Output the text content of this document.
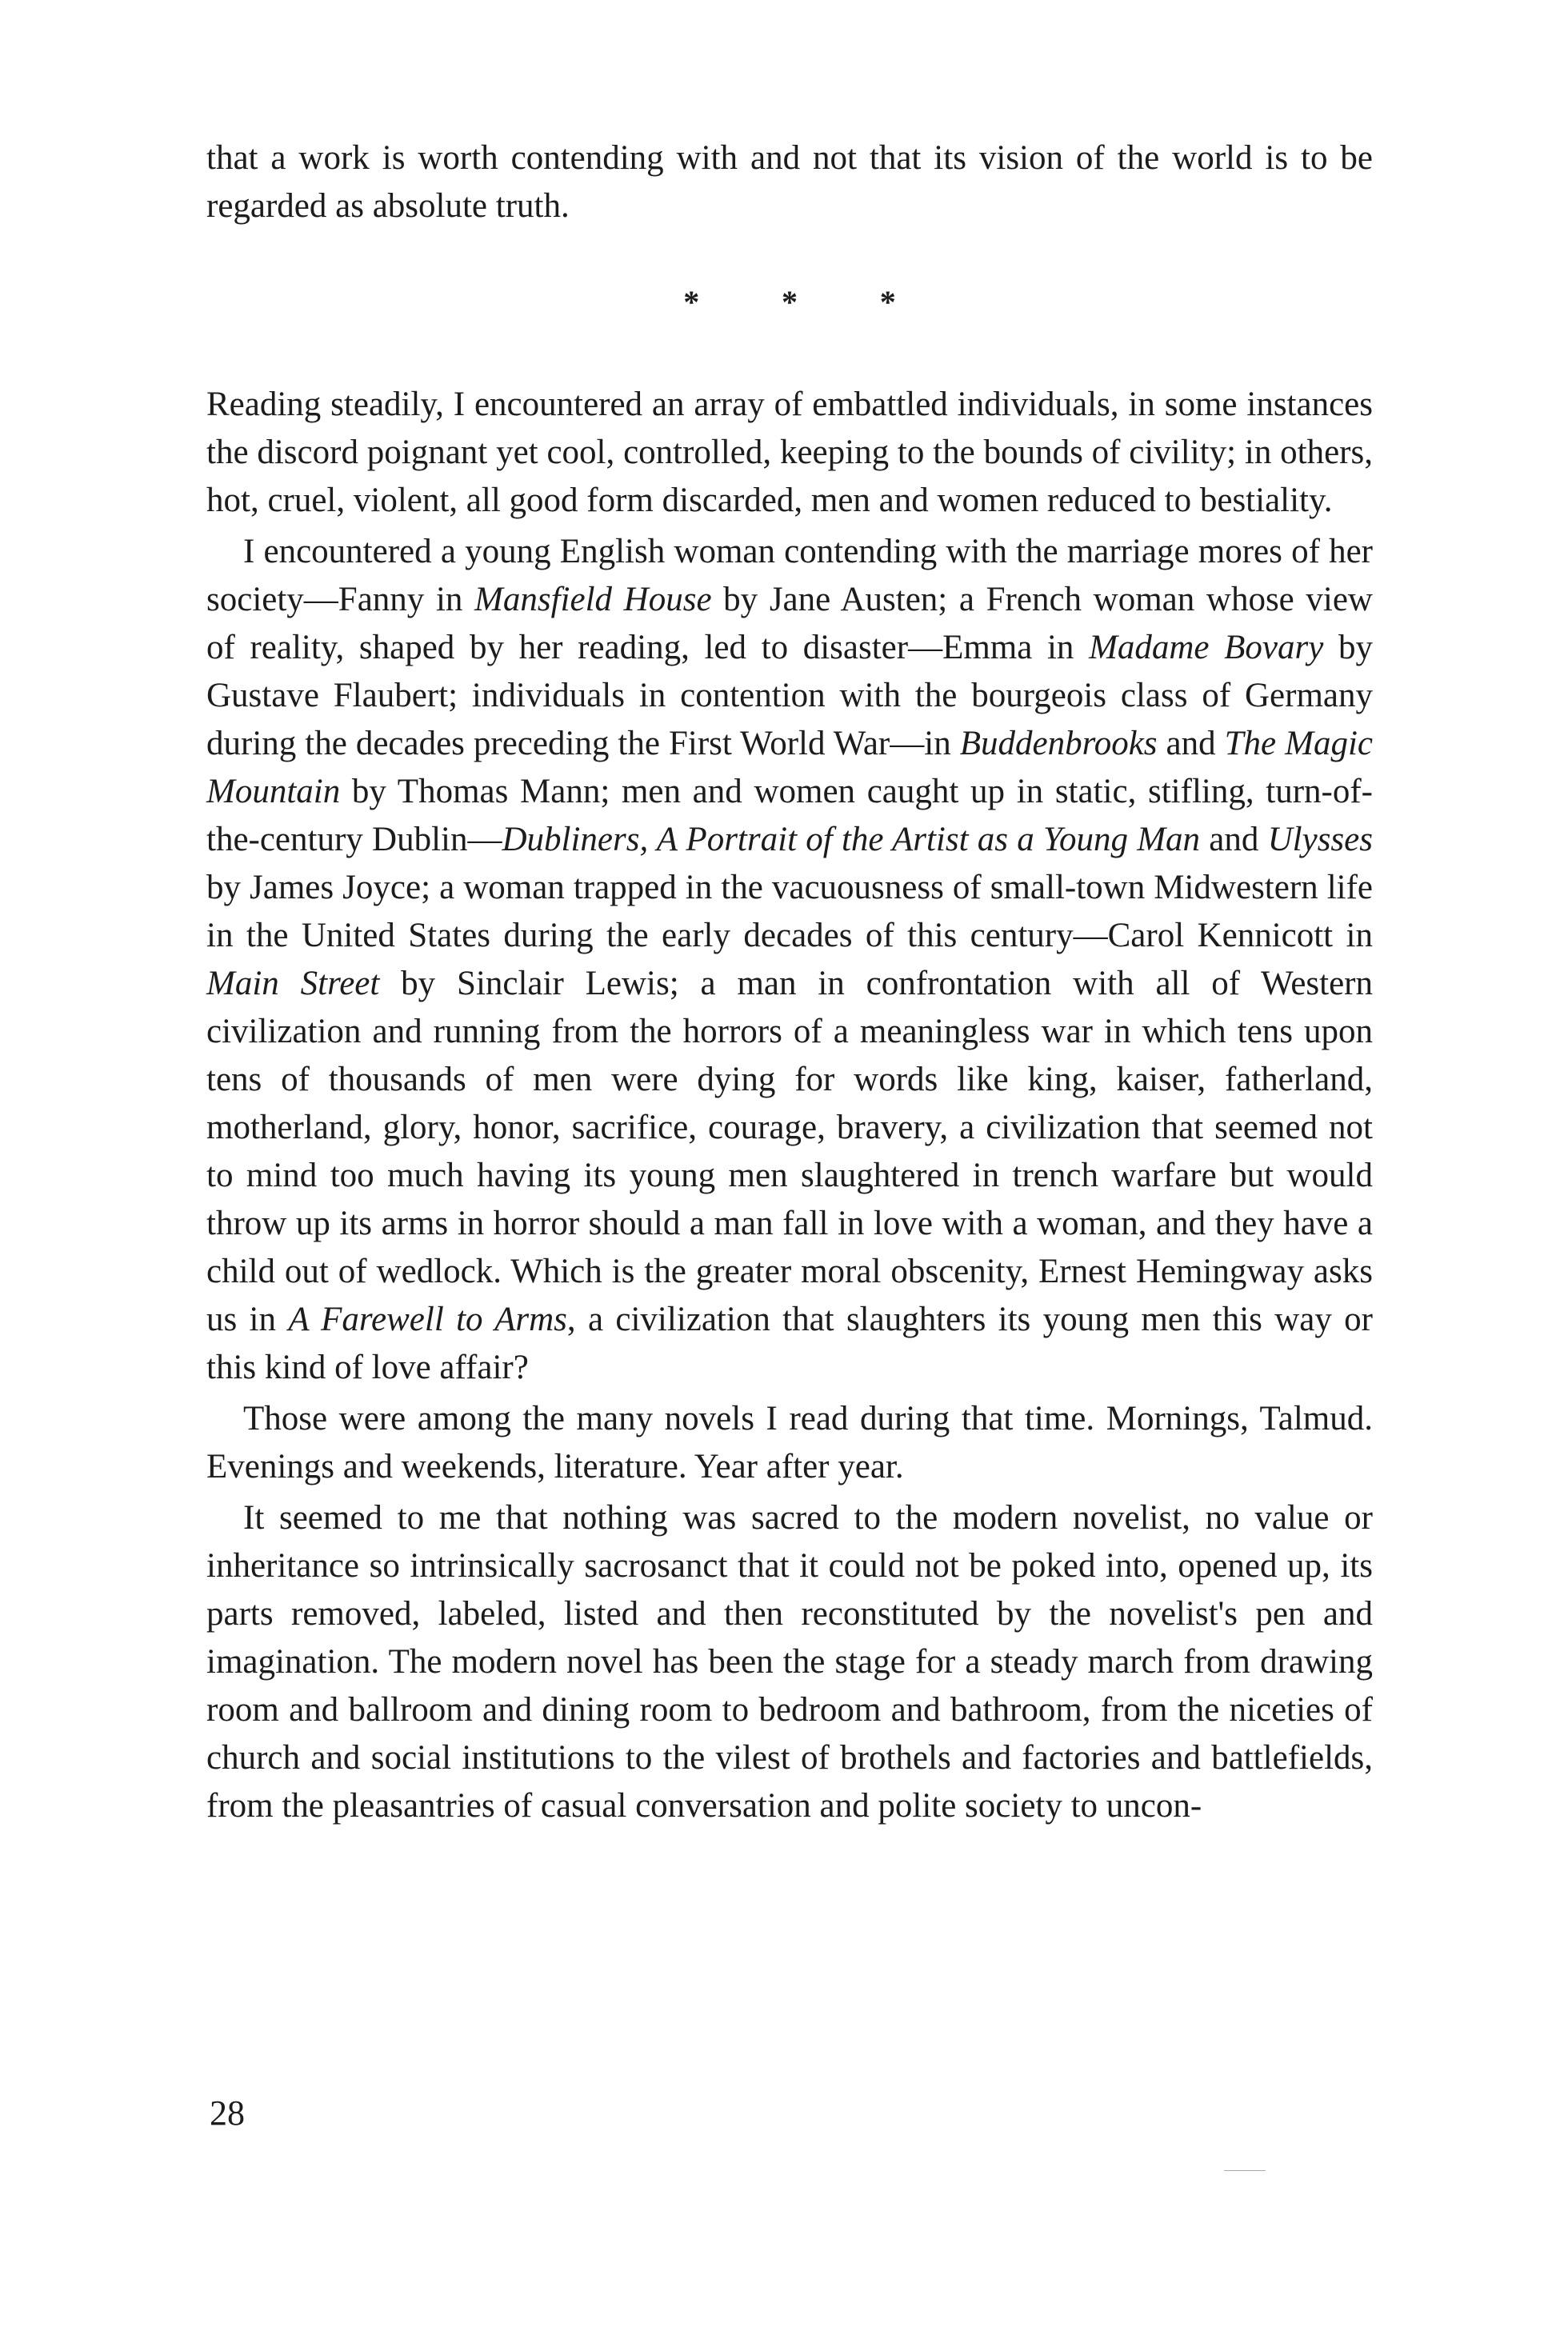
that a work is worth contending with and not that its vision of the world is to be regarded as absolute truth.

*	*	*

Reading steadily, I encountered an array of embattled individuals, in some instances the discord poignant yet cool, controlled, keeping to the bounds of civility; in others, hot, cruel, violent, all good form discarded, men and women reduced to bestiality.

I encountered a young English woman contending with the marriage mores of her society—Fanny in Mansfield House by Jane Austen; a French woman whose view of reality, shaped by her reading, led to disaster—Emma in Madame Bovary by Gustave Flaubert; individuals in contention with the bourgeois class of Germany during the decades preceding the First World War—in Buddenbrooks and The Magic Mountain by Thomas Mann; men and women caught up in static, stifling, turn-of-the-century Dublin—Dubliners, A Portrait of the Artist as a Young Man and Ulysses by James Joyce; a woman trapped in the vacuousness of small-town Midwestern life in the United States during the early decades of this century—Carol Kennicott in Main Street by Sinclair Lewis; a man in confrontation with all of Western civilization and running from the horrors of a meaningless war in which tens upon tens of thousands of men were dying for words like king, kaiser, fatherland, motherland, glory, honor, sacrifice, courage, bravery, a civilization that seemed not to mind too much having its young men slaughtered in trench warfare but would throw up its arms in horror should a man fall in love with a woman, and they have a child out of wedlock. Which is the greater moral obscenity, Ernest Hemingway asks us in A Farewell to Arms, a civilization that slaughters its young men this way or this kind of love affair?

Those were among the many novels I read during that time. Mornings, Talmud. Evenings and weekends, literature. Year after year.

It seemed to me that nothing was sacred to the modern novelist, no value or inheritance so intrinsically sacrosanct that it could not be poked into, opened up, its parts removed, labeled, listed and then reconstituted by the novelist's pen and imagination. The modern novel has been the stage for a steady march from drawing room and ballroom and dining room to bedroom and bathroom, from the niceties of church and social institutions to the vilest of brothels and factories and battlefields, from the pleasantries of casual conversation and polite society to uncon-

28
